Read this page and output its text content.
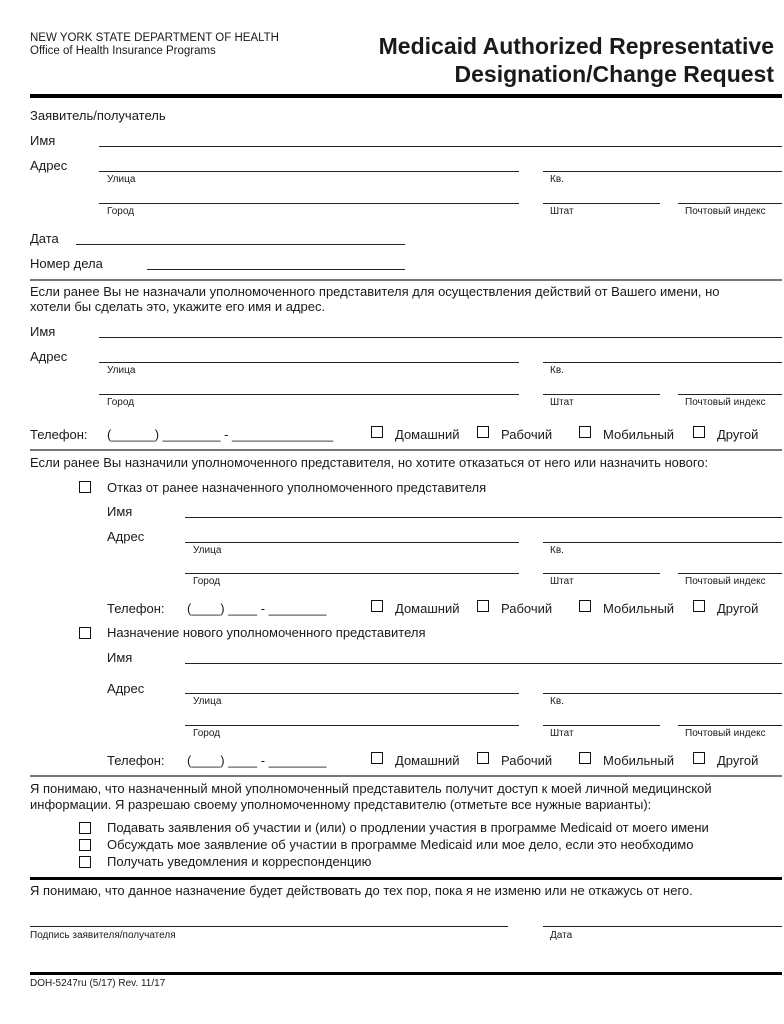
NEW YORK STATE DEPARTMENT OF HEALTH
Office of Health Insurance Programs	Medicaid Authorized Representative
Designation/Change Request
Заявитель/получатель
Имя
Адрес
Улица	Кв.
Город	Штат	Почтовый индекс
Дата
Номер дела
Если ранее Вы не назначали уполномоченного представителя для осуществления действий от Вашего имени, но
хотели бы сделать это, укажите его имя и адрес.
Имя
Адрес
Улица	Кв.
Город	Штат	Почтовый индекс
Телефон: (______) ________ - ______________	Домашний	Рабочий	Мобильный	Другой
Если ранее Вы назначили уполномоченного представителя, но хотите отказаться от него или назначить нового:
Отказ от ранее назначенного уполномоченного представителя
Имя
Адрес
Улица	Кв.
Город	Штат	Почтовый индекс
Телефон: (____) ____ - ________	Домашний	Рабочий	Мобильный	Другой
Назначение нового уполномоченного представителя
Имя
Адрес
Улица	Кв.
Город	Штат	Почтовый индекс
Телефон: (____) ____ - ________	Домашний	Рабочий	Мобильный	Другой
Я понимаю, что назначенный мной уполномоченный представитель получит доступ к моей личной медицинской
информации. Я разрешаю своему уполномоченному представителю (отметьте все нужные варианты):
Подавать заявления об участии и (или) о продлении участия в программе Medicaid от моего имени
Обсуждать мое заявление об участии в программе Medicaid или мое дело, если это необходимо
Получать уведомления и корреспонденцию
Я понимаю, что данное назначение будет действовать до тех пор, пока я не изменю или не откажусь от него.
Подпись заявителя/получателя	Дата
DOH-5247ru (5/17) Rev. 11/17
